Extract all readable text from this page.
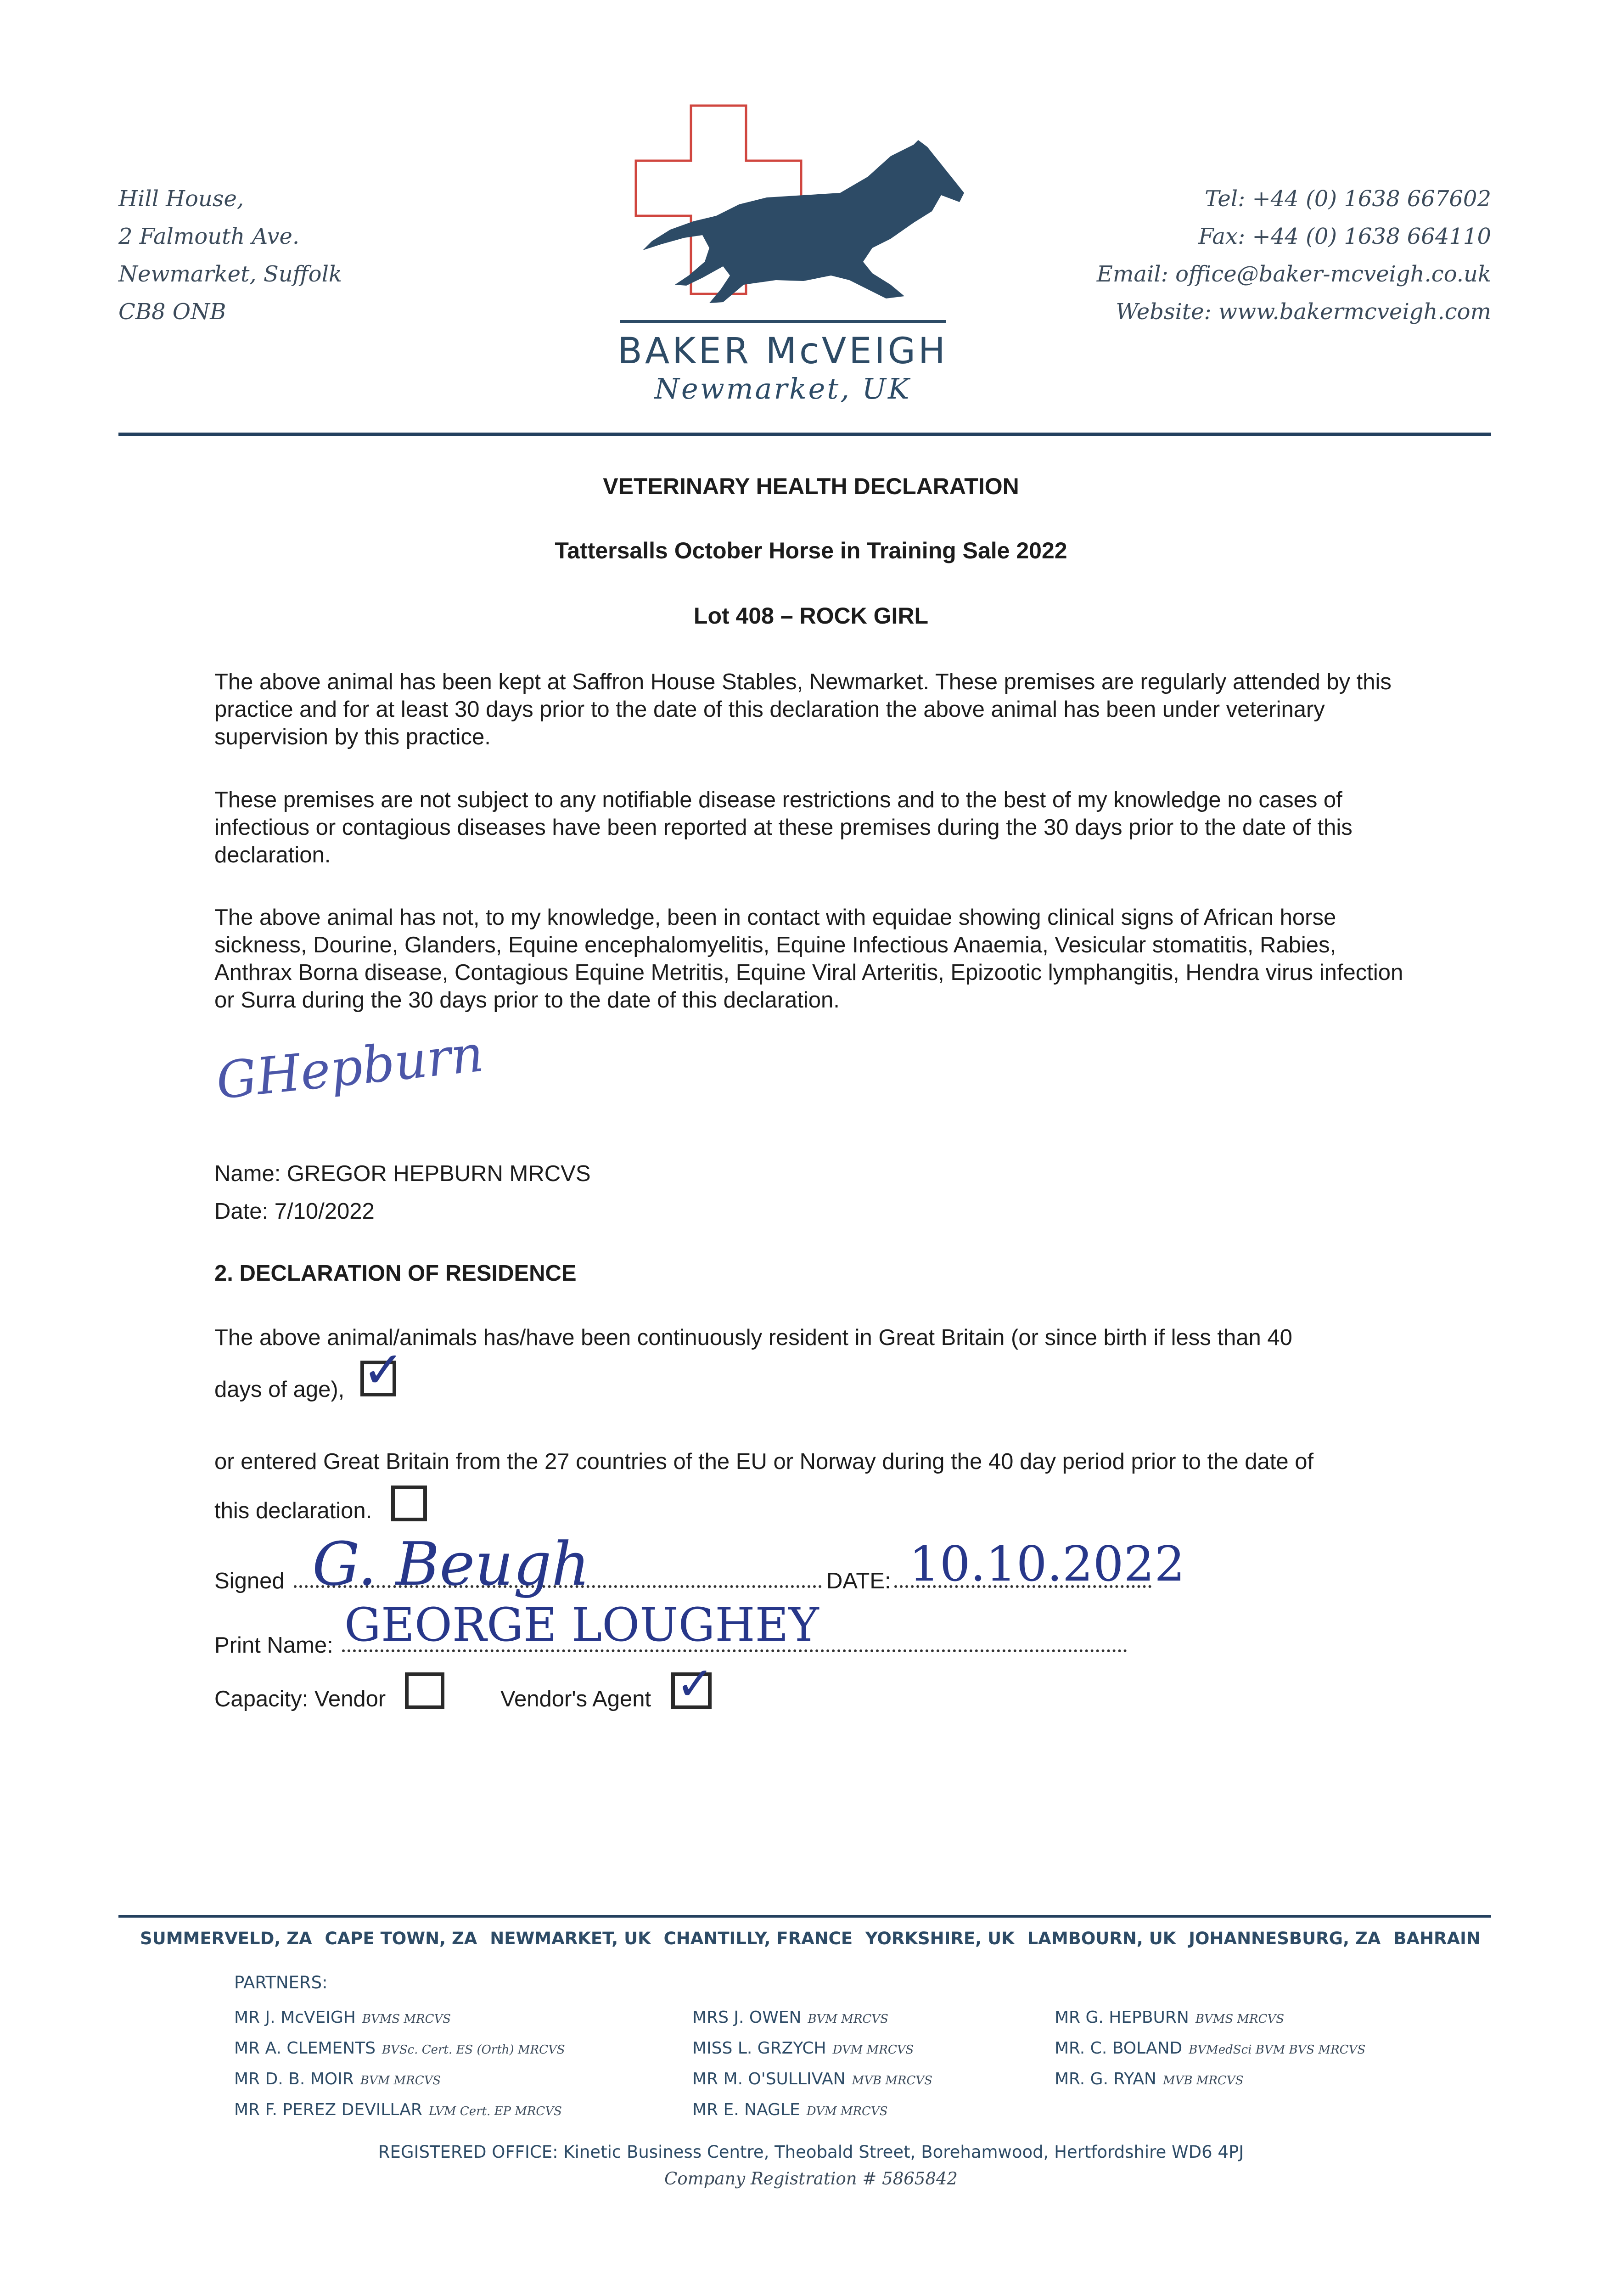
Hill House,
2 Falmouth Ave.
Newmarket, Suffolk
CB8 ONB
BAKER McVEIGH
Newmarket, UK
Tel: +44 (0) 1638 667602
Fax: +44 (0) 1638 664110
Email: office@baker-mcveigh.co.uk
Website: www.bakermcveigh.com
VETERINARY HEALTH DECLARATION
Tattersalls October Horse in Training Sale 2022
Lot 408 – ROCK GIRL
The above animal has been kept at Saffron House Stables, Newmarket. These premises are regularly attended by this practice and for at least 30 days prior to the date of this declaration the above animal has been under veterinary supervision by this practice.
These premises are not subject to any notifiable disease restrictions and to the best of my knowledge no cases of infectious or contagious diseases have been reported at these premises during the 30 days prior to the date of this declaration.
The above animal has not, to my knowledge, been in contact with equidae showing clinical signs of African horse sickness, Dourine, Glanders, Equine encephalomyelitis, Equine Infectious Anaemia, Vesicular stomatitis, Rabies, Anthrax Borna disease, Contagious Equine Metritis, Equine Viral Arteritis, Epizootic lymphangitis, Hendra virus infection or Surra during the 30 days prior to the date of this declaration.
GHepburn
Name: GREGOR HEPBURN MRCVS
Date: 7/10/2022
2. DECLARATION OF RESIDENCE
The above animal/animals has/have been continuously resident in Great Britain (or since birth if less than 40
days of age), ✓
or entered Great Britain from the 27 countries of the EU or Norway during the 40 day period prior to the date of
this declaration.
Signed G. Beugh	DATE: 10.10.2022
Print Name: GEORGE LOUGHEY
Capacity: Vendor	Vendor's Agent ✓
SUMMERVELD, ZA CAPE TOWN, ZA NEWMARKET, UK CHANTILLY, FRANCE YORKSHIRE, UK LAMBOURN, UK JOHANNESBURG, ZA BAHRAIN
PARTNERS:
MR J. McVEIGH BVMS MRCVS
MR A. CLEMENTS BVSc. Cert. ES (Orth) MRCVS
MR D. B. MOIR BVM MRCVS
MR F. PEREZ DEVILLAR LVM Cert. EP MRCVS
MRS J. OWEN BVM MRCVS
MISS L. GRZYCH DVM MRCVS
MR M. O'SULLIVAN MVB MRCVS
MR E. NAGLE DVM MRCVS
MR G. HEPBURN BVMS MRCVS
MR. C. BOLAND BVMedSci BVM BVS MRCVS
MR. G. RYAN MVB MRCVS
REGISTERED OFFICE: Kinetic Business Centre, Theobald Street, Borehamwood, Hertfordshire WD6 4PJ
Company Registration # 5865842
